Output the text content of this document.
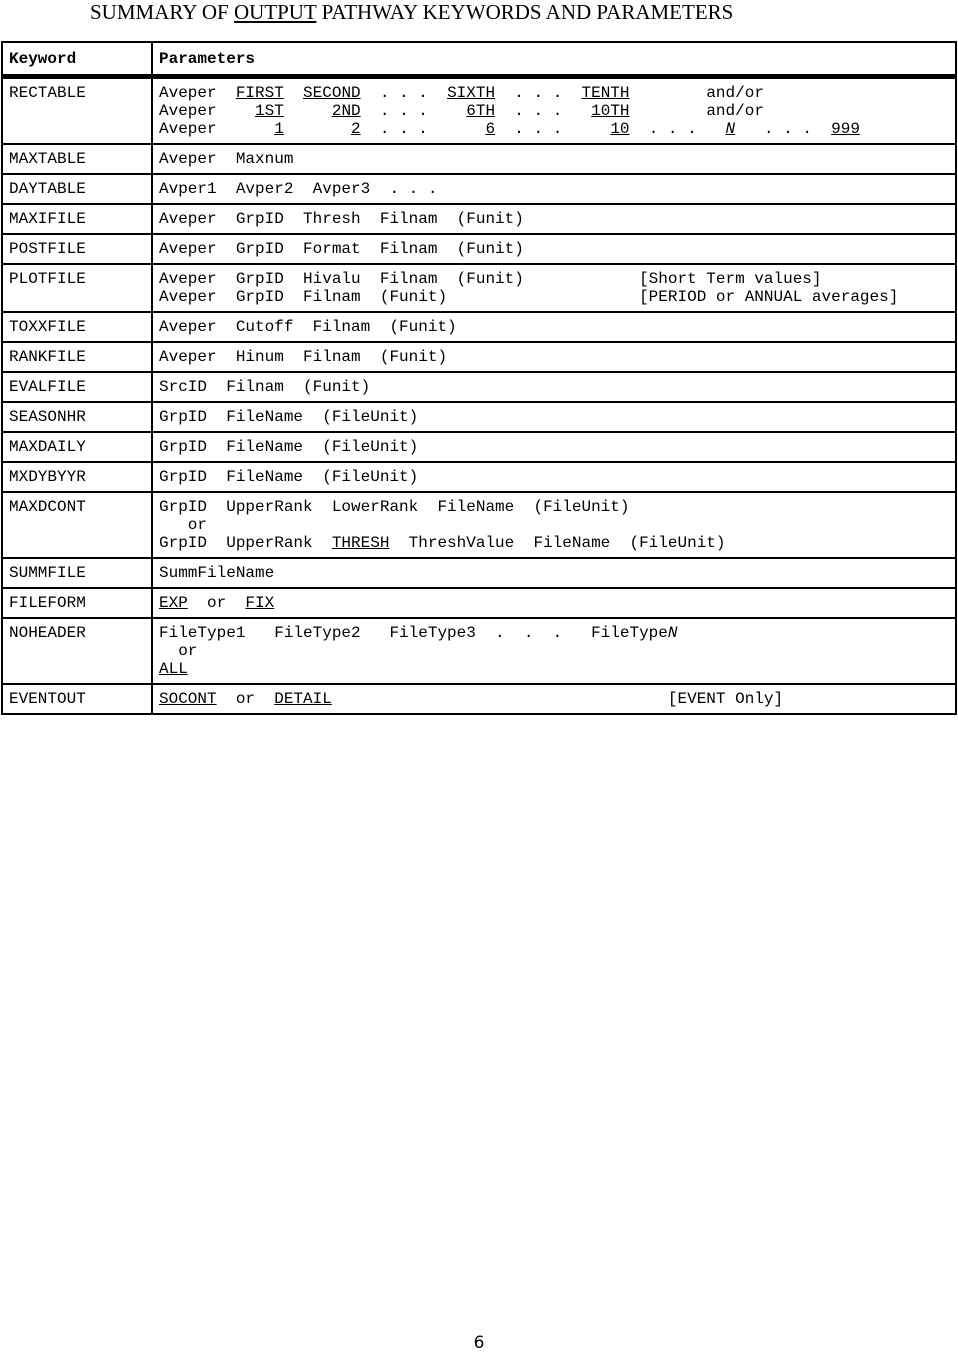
SUMMARY OF OUTPUT PATHWAY KEYWORDS AND PARAMETERS
Keyword	Parameters
RECTABLE	Aveper  FIRST SECOND  . . .  SIXTH  . . .  TENTH        and/or
Aveper    1ST 2ND  . . .    6TH  . . .   10TH        and/or
Aveper      1 2  . . .      6  . . .     10  . . .   N   . . .  999

MAXTABLE	Aveper  Maxnum

DAYTABLE	Avper1  Avper2  Avper3  . . .

MAXIFILE	Aveper  GrpID  Thresh  Filnam  (Funit)

POSTFILE	Aveper  GrpID  Format  Filnam  (Funit)

PLOTFILE	Aveper  GrpID  Hivalu  Filnam  (Funit)            [Short Term values]
Aveper  GrpID  Filnam  (Funit)                    [PERIOD or ANNUAL averages]

TOXXFILE	Aveper  Cutoff  Filnam  (Funit)

RANKFILE	Aveper  Hinum  Filnam  (Funit)

EVALFILE	SrcID  Filnam  (Funit)

SEASONHR	GrpID  FileName  (FileUnit)

MAXDAILY	GrpID  FileName  (FileUnit)

MXDYBYYR	GrpID  FileName  (FileUnit)

MAXDCONT	GrpID  UpperRank  LowerRank  FileName  (FileUnit)
or
GrpID  UpperRank  THRESH  ThreshValue  FileName  (FileUnit)

SUMMFILE	SummFileName

FILEFORM	EXP  or  FIX

NOHEADER	FileType1   FileType2   FileType3  .  .  .   FileTypeN
or
ALL

EVENTOUT	SOCONT  or  DETAIL                                   [EVENT Only]
6
